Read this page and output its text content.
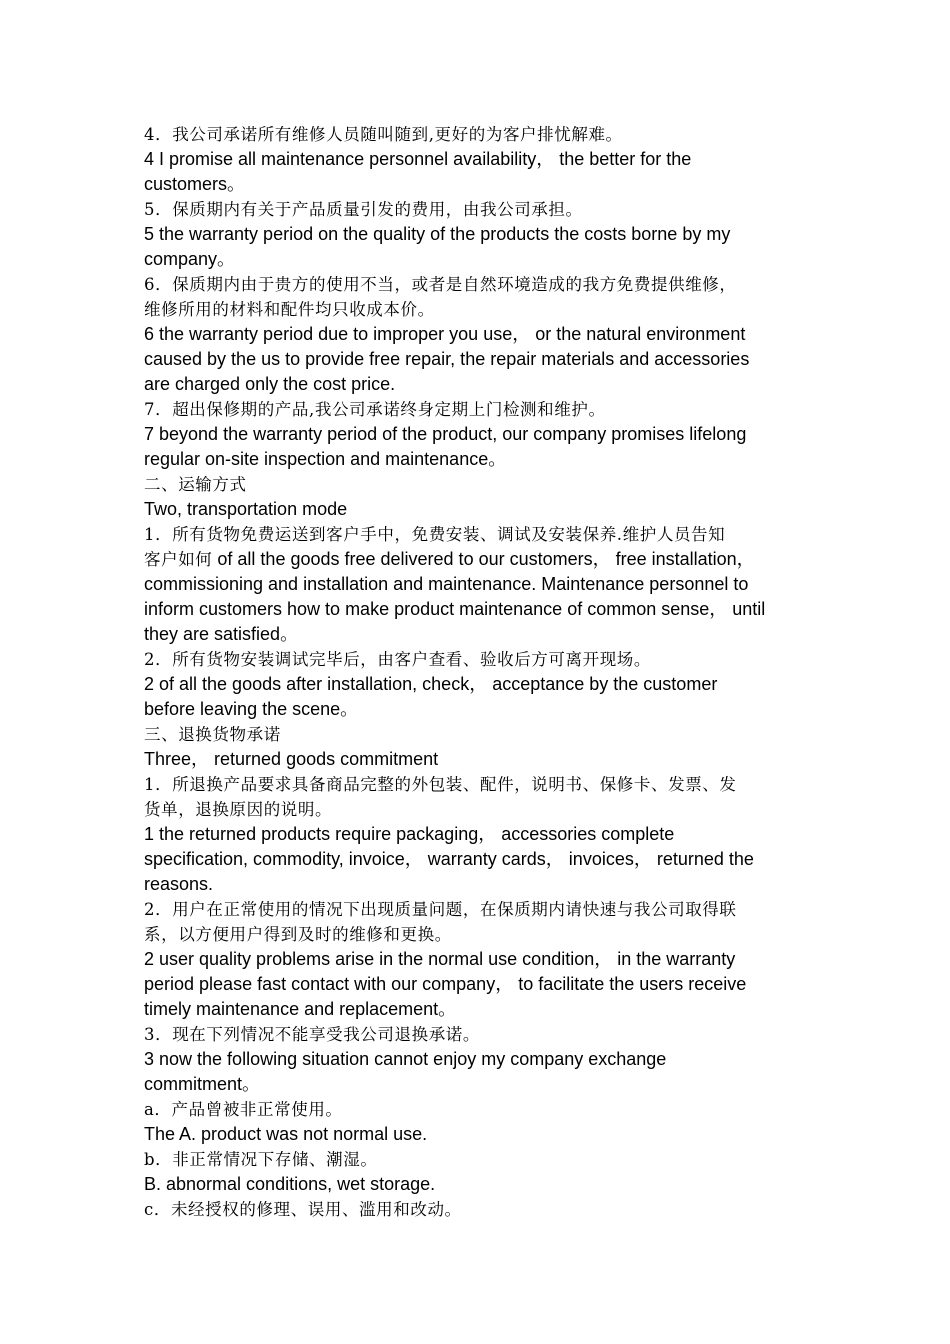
4．我公司承诺所有维修人员随叫随到,更好的为客户排忧解难。
4 I promise all maintenance personnel availability， the better for the
customers。
5．保质期内有关于产品质量引发的费用，由我公司承担。
5 the warranty period on the quality of the products the costs borne by my
company。
6．保质期内由于贵方的使用不当，或者是自然环境造成的我方免费提供维修，
维修所用的材料和配件均只收成本价。
6 the warranty period due to improper you use， or the natural environment
caused by the us to provide free repair, the repair materials and accessories
are charged only the cost price.
7．超出保修期的产品,我公司承诺终身定期上门检测和维护。
7 beyond the warranty period of the product, our company promises lifelong
regular on-site inspection and maintenance。
二、运输方式
Two, transportation mode
1．所有货物免费运送到客户手中，免费安装、调试及安装保养.维护人员告知
客户如何 of all the goods free delivered to our customers， free installation，
commissioning and installation and maintenance. Maintenance personnel to
inform customers how to make product maintenance of common sense， until
they are satisfied。
2．所有货物安装调试完毕后，由客户查看、验收后方可离开现场。
2 of all the goods after installation, check， acceptance by the customer
before leaving the scene。
三、退换货物承诺
Three， returned goods commitment
1．所退换产品要求具备商品完整的外包装、配件，说明书、保修卡、发票、发
货单，退换原因的说明。
1 the returned products require packaging， accessories complete
specification, commodity, invoice， warranty cards， invoices， returned the
reasons.
2．用户在正常使用的情况下出现质量问题，在保质期内请快速与我公司取得联
系，以方便用户得到及时的维修和更换。
2 user quality problems arise in the normal use condition， in the warranty
period please fast contact with our company， to facilitate the users receive
timely maintenance and replacement。
3．现在下列情况不能享受我公司退换承诺。
3 now the following situation cannot enjoy my company exchange
commitment。
a．产品曾被非正常使用。
The A. product was not normal use.
b．非正常情况下存储、潮湿。
B. abnormal conditions, wet storage.
c．未经授权的修理、误用、滥用和改动。
